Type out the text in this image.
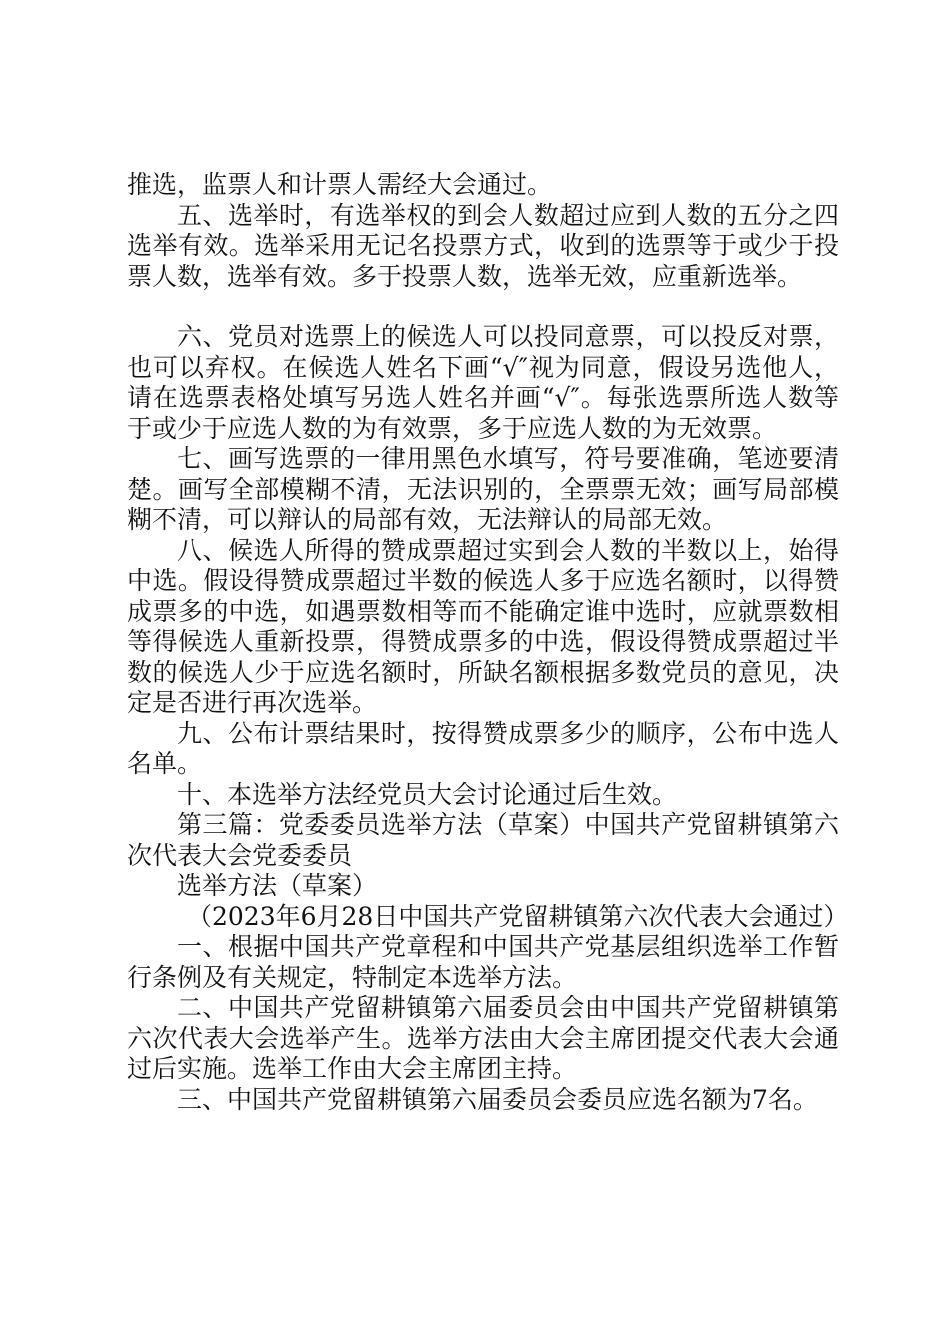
推选，监票人和计票人需经大会通过。

五、选举时，有选举权的到会人数超过应到人数的五分之四选举有效。选举采用无记名投票方式，收到的选票等于或少于投票人数，选举有效。多于投票人数，选举无效，应重新选举。

六、党员对选票上的候选人可以投同意票，可以投反对票，也可以弃权。在候选人姓名下画“√″视为同意，假设另选他人，请在选票表格处填写另选人姓名并画“√″。每张选票所选人数等于或少于应选人数的为有效票，多于应选人数的为无效票。

七、画写选票的一律用黑色水填写，符号要准确，笔迹要清楚。画写全部模糊不清，无法识别的，全票票无效；画写局部模糊不清，可以辩认的局部有效，无法辩认的局部无效。

八、候选人所得的赞成票超过实到会人数的半数以上，始得中选。假设得赞成票超过半数的候选人多于应选名额时，以得赞成票多的中选，如遇票数相等而不能确定谁中选时，应就票数相等得候选人重新投票，得赞成票多的中选，假设得赞成票超过半数的候选人少于应选名额时，所缺名额根据多数党员的意见，决定是否进行再次选举。

九、公布计票结果时，按得赞成票多少的顺序，公布中选人名单。

十、本选举方法经党员大会讨论通过后生效。

第三篇：党委委员选举方法（草案）中国共产党留耕镇第六次代表大会党委委员

选举方法（草案）

（2023年6月28日中国共产党留耕镇第六次代表大会通过）

一、根据中国共产党章程和中国共产党基层组织选举工作暂行条例及有关规定，特制定本选举方法。

二、中国共产党留耕镇第六届委员会由中国共产党留耕镇第六次代表大会选举产生。选举方法由大会主席团提交代表大会通过后实施。选举工作由大会主席团主持。

三、中国共产党留耕镇第六届委员会委员应选名额为7名。
